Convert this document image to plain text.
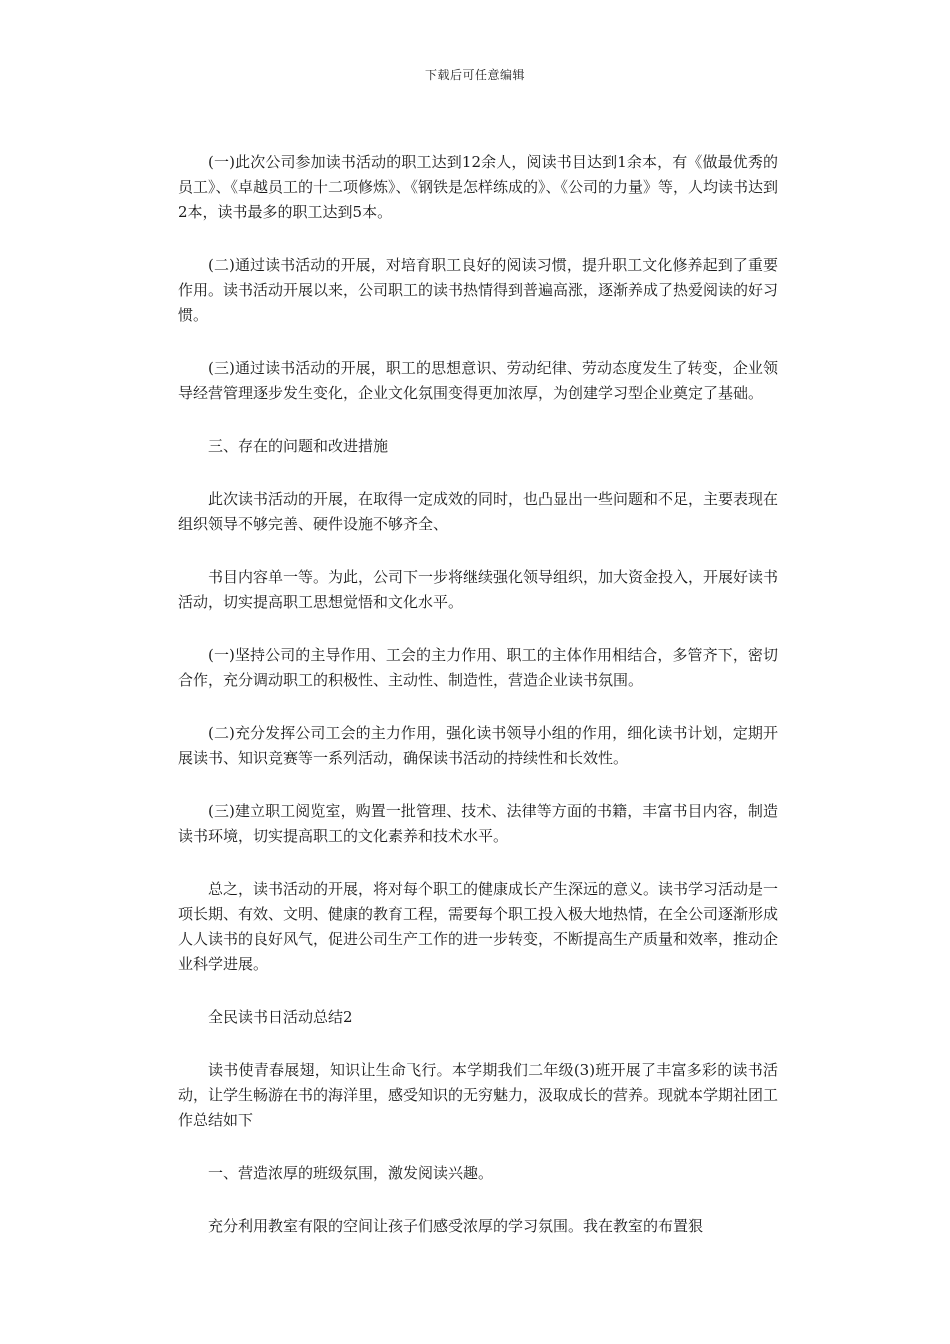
下载后可任意编辑

(一)此次公司参加读书活动的职工达到12余人，阅读书目达到1余本，有《做最优秀的员工》、《卓越员工的十二项修炼》、《钢铁是怎样练成的》、《公司的力量》等，人均读书达到2本，读书最多的职工达到5本。

(二)通过读书活动的开展，对培育职工良好的阅读习惯，提升职工文化修养起到了重要作用。读书活动开展以来，公司职工的读书热情得到普遍高涨，逐渐养成了热爱阅读的好习惯。

(三)通过读书活动的开展，职工的思想意识、劳动纪律、劳动态度发生了转变，企业领导经营管理逐步发生变化，企业文化氛围变得更加浓厚，为创建学习型企业奠定了基础。

三、存在的问题和改进措施

此次读书活动的开展，在取得一定成效的同时，也凸显出一些问题和不足，主要表现在组织领导不够完善、硬件设施不够齐全、

书目内容单一等。为此，公司下一步将继续强化领导组织，加大资金投入，开展好读书活动，切实提高职工思想觉悟和文化水平。

(一)坚持公司的主导作用、工会的主力作用、职工的主体作用相结合，多管齐下，密切合作，充分调动职工的积极性、主动性、制造性，营造企业读书氛围。

(二)充分发挥公司工会的主力作用，强化读书领导小组的作用，细化读书计划，定期开展读书、知识竞赛等一系列活动，确保读书活动的持续性和长效性。

(三)建立职工阅览室，购置一批管理、技术、法律等方面的书籍，丰富书目内容，制造读书环境，切实提高职工的文化素养和技术水平。

总之，读书活动的开展，将对每个职工的健康成长产生深远的意义。读书学习活动是一项长期、有效、文明、健康的教育工程，需要每个职工投入极大地热情，在全公司逐渐形成人人读书的良好风气，促进公司生产工作的进一步转变，不断提高生产质量和效率，推动企业科学进展。

全民读书日活动总结2

读书使青春展翅，知识让生命飞行。本学期我们二年级(3)班开展了丰富多彩的读书活动，让学生畅游在书的海洋里，感受知识的无穷魅力，汲取成长的营养。现就本学期社团工作总结如下

一、营造浓厚的班级氛围，激发阅读兴趣。

充分利用教室有限的空间让孩子们感受浓厚的学习氛围。我在教室的布置狠
